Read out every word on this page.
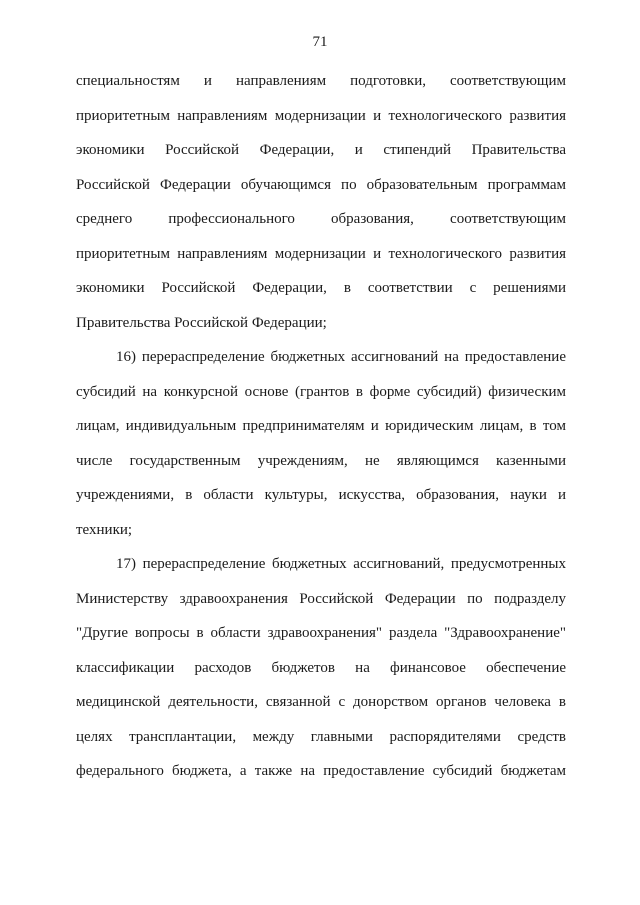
71
специальностям и направлениям подготовки, соответствующим
приоритетным направлениям модернизации и технологического развития
экономики Российской Федерации, и стипендий Правительства
Российской Федерации обучающимся по образовательным программам
среднего профессионального образования, соответствующим
приоритетным направлениям модернизации и технологического развития
экономики Российской Федерации, в соответствии с решениями
Правительства Российской Федерации;
16) перераспределение бюджетных ассигнований на предоставление
субсидий на конкурсной основе (грантов в форме субсидий) физическим
лицам, индивидуальным предпринимателям и юридическим лицам, в том
числе государственным учреждениям, не являющимся казенными
учреждениями, в области культуры, искусства, образования, науки и
техники;
17) перераспределение бюджетных ассигнований, предусмотренных
Министерству здравоохранения Российской Федерации по подразделу
"Другие вопросы в области здравоохранения" раздела "Здравоохранение"
классификации расходов бюджетов на финансовое обеспечение
медицинской деятельности, связанной с донорством органов человека в
целях трансплантации, между главными распорядителями средств
федерального бюджета, а также на предоставление субсидий бюджетам
